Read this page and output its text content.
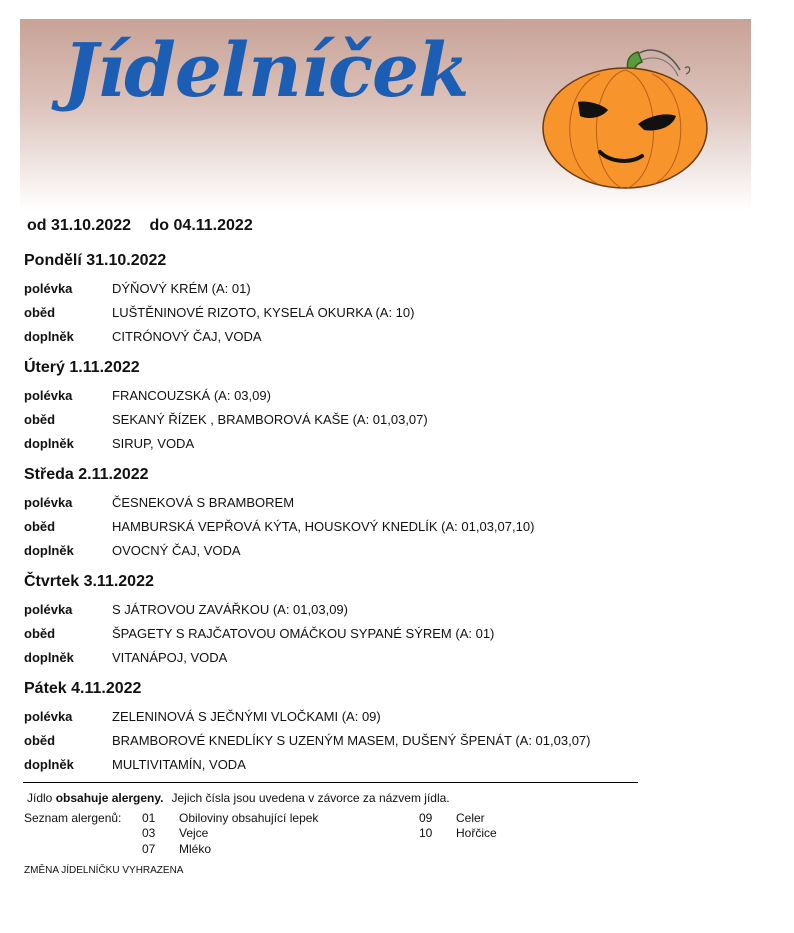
Jídelníček
od 31.10.2022 do 04.11.2022
Pondělí 31.10.2022
polévka	DÝŇOVÝ KRÉM (A: 01)
oběd	LUŠTĚNINOVÉ RIZOTO, KYSELÁ OKURKA (A: 10)
doplněk	CITRÓNOVÝ ČAJ, VODA
Úterý 1.11.2022
polévka	FRANCOUZSKÁ (A: 03,09)
oběd	SEKANÝ ŘÍZEK , BRAMBOROVÁ KAŠE (A: 01,03,07)
doplněk	SIRUP, VODA
Středa 2.11.2022
polévka	ČESNEKOVÁ S BRAMBOREM
oběd	HAMBURSKÁ VEPŘOVÁ KÝTA, HOUSKOVÝ KNEDLÍK (A: 01,03,07,10)
doplněk	OVOCNÝ ČAJ, VODA
Čtvrtek 3.11.2022
polévka	S JÁTROVOU ZAVÁŘKOU (A: 01,03,09)
oběd	ŠPAGETY S RAJČATOVOU OMÁČKOU SYPANÉ SÝREM (A: 01)
doplněk	VITANÁPOJ, VODA
Pátek 4.11.2022
polévka	ZELENINOVÁ S JEČNÝMI VLOČKAMI (A: 09)
oběd	BRAMBOROVÉ KNEDLÍKY S UZENÝM MASEM, DUŠENÝ ŠPENÁT (A: 01,03,07)
doplněk	MULTIVITAMÍN, VODA
Jídlo obsahuje alergeny. Jejich čísla jsou uvedena v závorce za názvem jídla.
Seznam alergenů: 01 Obiloviny obsahující lepek
03 Vejce
07 Mléko
09 Celer
10 Hořčice
ZMĚNA JÍDELNÍČKU VYHRAZENA
